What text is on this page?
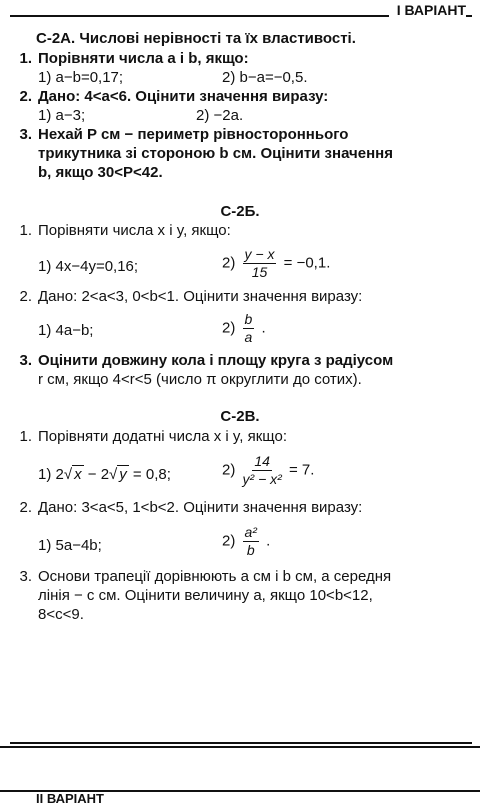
І ВАРІАНТ
С-2А. Числові нерівності та їх властивості.
1. Порівняти числа а і b, якщо:
1) а−b=0,17;	2) b−а=−0,5.
2. Дано: 4<a<6. Оцінити значення виразу:
1) а−3;	2) −2а.
3. Нехай P см − периметр рівностороннього
трикутника зі стороною b см. Оцінити значення
b, якщо 30<P<42.
С-2Б.
1. Порівняти числа x і y, якщо:
1) 4x−4y=0,16;	$2) \frac{y - x}{15} = -0,1$.
2. Дано: 2<a<3, 0<b<1. Оцінити значення виразу:
1) 4а−b;	$2) \frac{b}{a}$ .
3. Оцінити довжину кола і площу круга з радіусом
r см, якщо 4<r<5 (число π округлити до сотих).
С-2В.
1. Порівняти додатні числа x і y, якщо:
1) 2√ x − 2√ y = 0,8;	$2) \frac{14}{\text{y² − x²}} = 7$.
2. Дано: 3<a<5, 1<b<2. Оцінити значення виразу:
1) 5а−4b;	$2) \frac{\text{a²}}{b}$ .
3. Основи трапеції дорівнюють а см і b см, а середня
лінія − с см. Оцінити величину а, якщо 10<b<12,
8<c<9.
ІІ ВАРІАНТ
